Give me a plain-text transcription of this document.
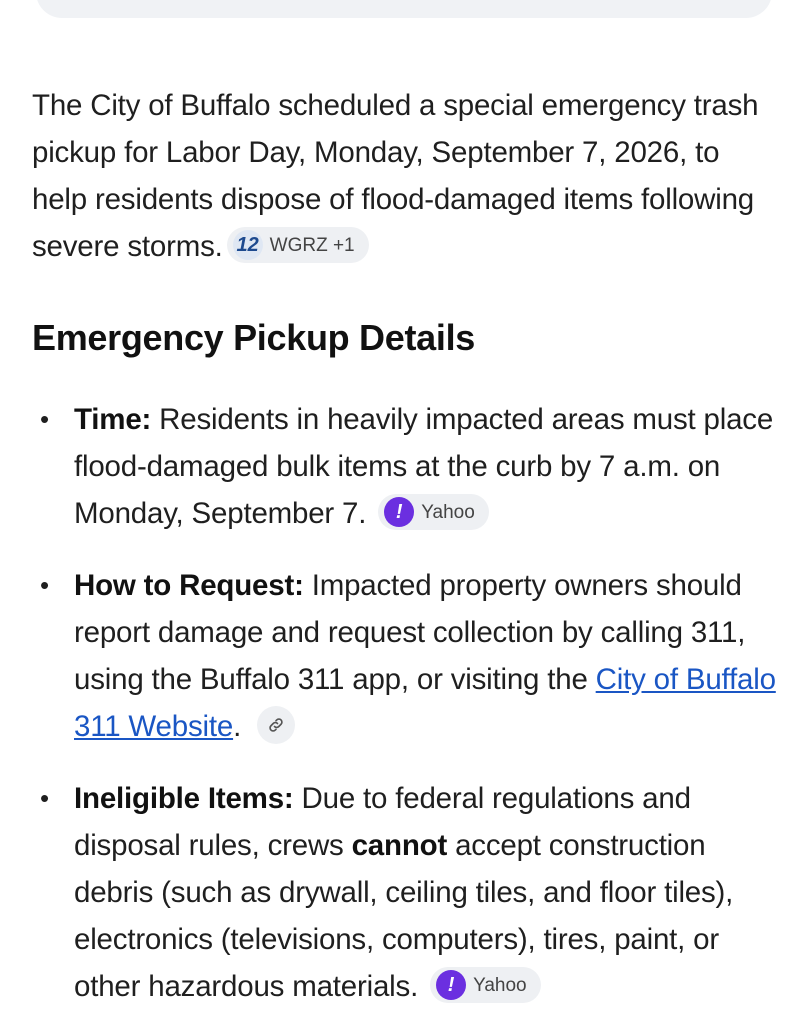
The City of Buffalo scheduled a special emergency trash pickup for Labor Day, Monday, September 7, 2026, to help residents dispose of flood-damaged items following severe storms. 12 WGRZ +1

Emergency Pickup Details
• Time: Residents in heavily impacted areas must place flood-damaged bulk items at the curb by 7 a.m. on Monday, September 7.	! Yahoo
• How to Request: Impacted property owners should report damage and request collection by calling 311, using the Buffalo 311 app, or visiting the City of Buffalo 311 Website.
• Ineligible Items: Due to federal regulations and disposal rules, crews cannot accept construction debris (such as drywall, ceiling tiles, and floor tiles), electronics (televisions, computers), tires, paint, or other hazardous materials.	! Yahoo
